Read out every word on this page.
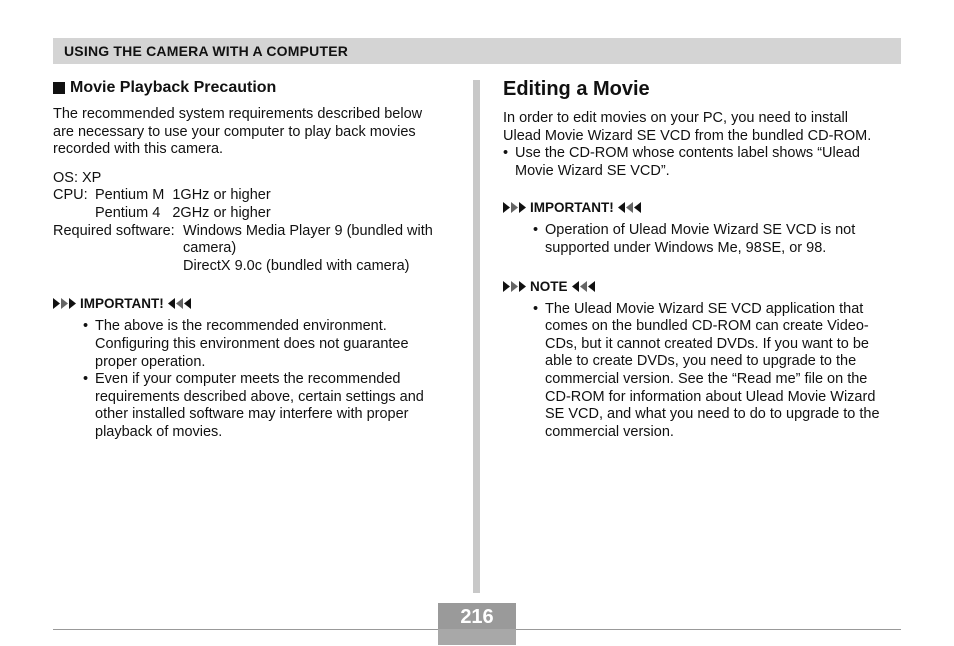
USING THE CAMERA WITH A COMPUTER
Movie Playback Precaution

The recommended system requirements described below

are necessary to use your computer to play back movies

recorded with this camera.

OS: XP

CPU: Pentium M  1GHz or higher
Pentium 4   2GHz or higher
Required software: Windows Media Player 9 (bundled with
camera)
DirectX 9.0c (bundled with camera)
IMPORTANT!
• The above is the recommended environment.
Configuring this environment does not guarantee
proper operation.
• Even if your computer meets the recommended
requirements described above, certain settings and
other installed software may interfere with proper
playback of movies.
Editing a Movie

In order to edit movies on your PC, you need to install

Ulead Movie Wizard SE VCD from the bundled CD-ROM.

• Use the CD-ROM whose contents label shows “Ulead
Movie Wizard SE VCD”.
IMPORTANT!
• Operation of Ulead Movie Wizard SE VCD is not
supported under Windows Me, 98SE, or 98.
NOTE
• The Ulead Movie Wizard SE VCD application that
comes on the bundled CD-ROM can create Video-
CDs, but it cannot created DVDs. If you want to be
able to create DVDs, you need to upgrade to the
commercial version. See the “Read me” file on the
CD-ROM for information about Ulead Movie Wizard
SE VCD, and what you need to do to upgrade to the
commercial version.
216
